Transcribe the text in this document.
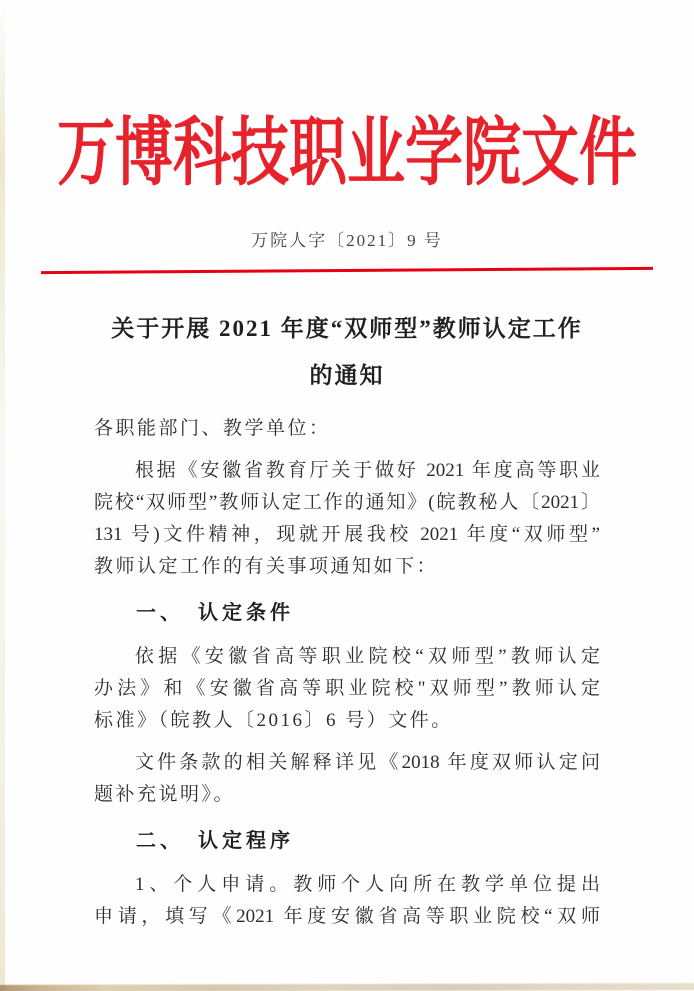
万博科技职业学院文件
万院人字〔2021〕9 号
关于开展 2021 年度“双师型”教师认定工作
的通知
各职能部门、教学单位：

根据《安徽省教育厅关于做好 2021 年度高等职业
院校“双师型”教师认定工作的通知》(皖教秘人〔2021〕
131 号)文件精神，现就开展我校 2021 年度“双师型”
教师认定工作的有关事项通知如下：

一、　认定条件

依据《安徽省高等职业院校“双师型”教师认定
办法》和《安徽省高等职业院校"双师型”教师认定
标准》（皖教人〔2016〕6 号）文件。

文件条款的相关解释详见《2018 年度双师认定问
题补充说明》。

二、　认定程序

1、个人申请。教师个人向所在教学单位提出
申请，填写《2021 年度安徽省高等职业院校“双师
